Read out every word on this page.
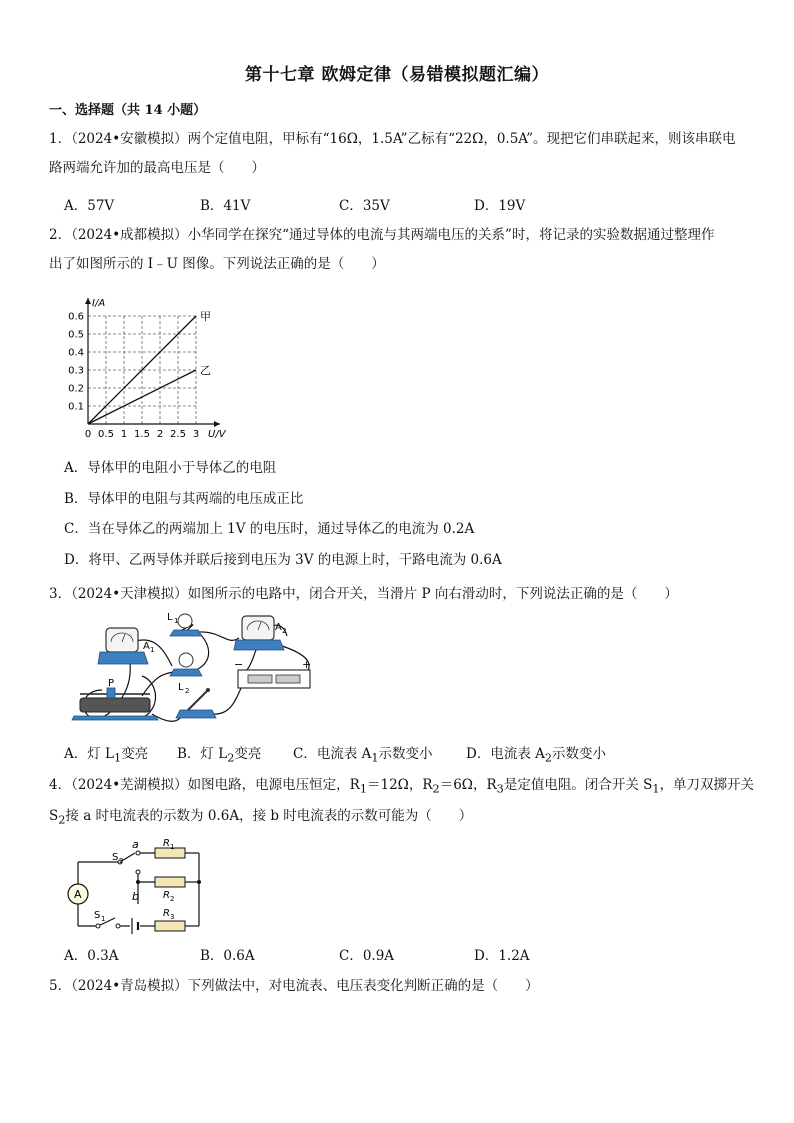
第十七章 欧姆定律（易错模拟题汇编）
一、选择题（共 14 小题）
1．（2024•安徽模拟）两个定值电阻，甲标有“16Ω，1.5A”乙标有“22Ω，0.5A”。现把它们串联起来，则该串联电
路两端允许加的最高电压是（　　）
A．57V	B．41V	C．35V	D．19V
2．（2024•成都模拟）小华同学在探究“通过导体的电流与其两端电压的关系”时，将记录的实验数据通过整理作
出了如图所示的 I﹣U 图像。下列说法正确的是（　　）
0 0.5 1 1.5 2 2.5 3
0.1
0.2
0.3
0.4
0.5
0.6
U/V
I/A
甲
乙
A．导体甲的电阻小于导体乙的电阻
B．导体甲的电阻与其两端的电压成正比
C．当在导体乙的两端加上 1V 的电压时，通过导体乙的电流为 0.2A
D．将甲、乙两导体并联后接到电压为 3V 的电源上时，干路电流为 0.6A
3．（2024•天津模拟）如图所示的电路中，闭合开关，当滑片 P 向右滑动时，下列说法正确的是（　　）
A 1
L 1
A 2
L 2
P
−	+
A．灯 $L_1$变亮 B．灯 $L_2$变亮 C．电流表 $A_1$示数变小 D．电流表 $A_2$示数变小
4．（2024•芜湖模拟）如图电路，电源电压恒定，$R_1=12\Omega$，$R_2=6\Omega$，$R_3$是定值电阻。闭合开关 $S_1$，单刀双掷开关
$S_2$接 a 时电流表的示数为 0.6A，接 b 时电流表的示数可能为（　　）
A
S 2
S 1
a
b
R 1
R 2
R 3
A．0.3A	B．0.6A	C．0.9A	D．1.2A
5．（2024•青岛模拟）下列做法中，对电流表、电压表变化判断正确的是（　　）
